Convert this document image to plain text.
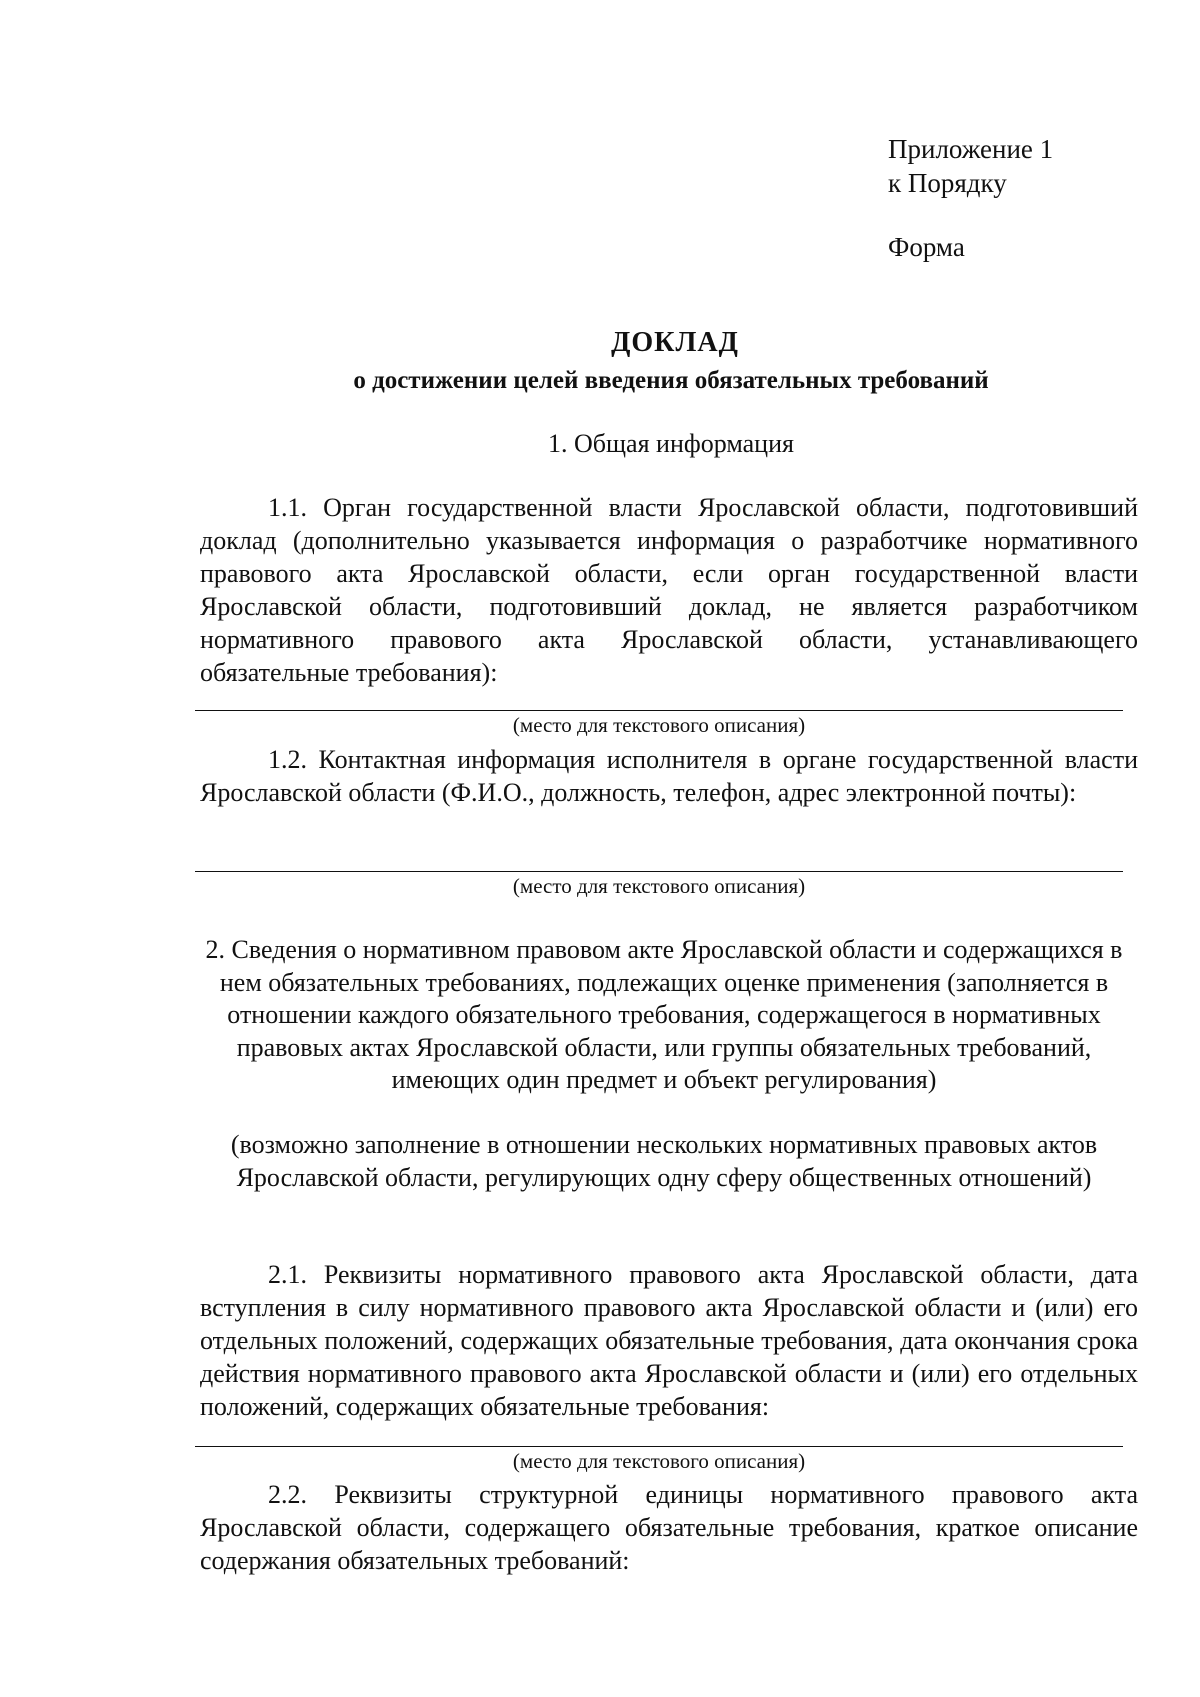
Приложение 1
к Порядку
Форма
ДОКЛАД
о достижении целей введения обязательных требований
1. Общая информация
1.1. Орган государственной власти Ярославской области, подготовивший доклад (дополнительно указывается информация о разработчике нормативного правового акта Ярославской области, если орган государственной власти Ярославской области, подготовивший доклад, не является разработчиком нормативного правового акта Ярославской области, устанавливающего обязательные требования):
(место для текстового описания)
1.2. Контактная информация исполнителя в органе государственной власти Ярославской области (Ф.И.О., должность, телефон, адрес электронной почты):
(место для текстового описания)
2. Сведения о нормативном правовом акте Ярославской области и содержащихся в нем обязательных требованиях, подлежащих оценке применения (заполняется в отношении каждого обязательного требования, содержащегося в нормативных правовых актах Ярославской области, или группы обязательных требований, имеющих один предмет и объект регулирования)
(возможно заполнение в отношении нескольких нормативных правовых актов Ярославской области, регулирующих одну сферу общественных отношений)
2.1. Реквизиты нормативного правового акта Ярославской области, дата вступления в силу нормативного правового акта Ярославской области и (или) его отдельных положений, содержащих обязательные требования, дата окончания срока действия нормативного правового акта Ярославской области и (или) его отдельных положений, содержащих обязательные требования:
(место для текстового описания)
2.2. Реквизиты структурной единицы нормативного правового акта Ярославской области, содержащего обязательные требования, краткое описание содержания обязательных требований:
